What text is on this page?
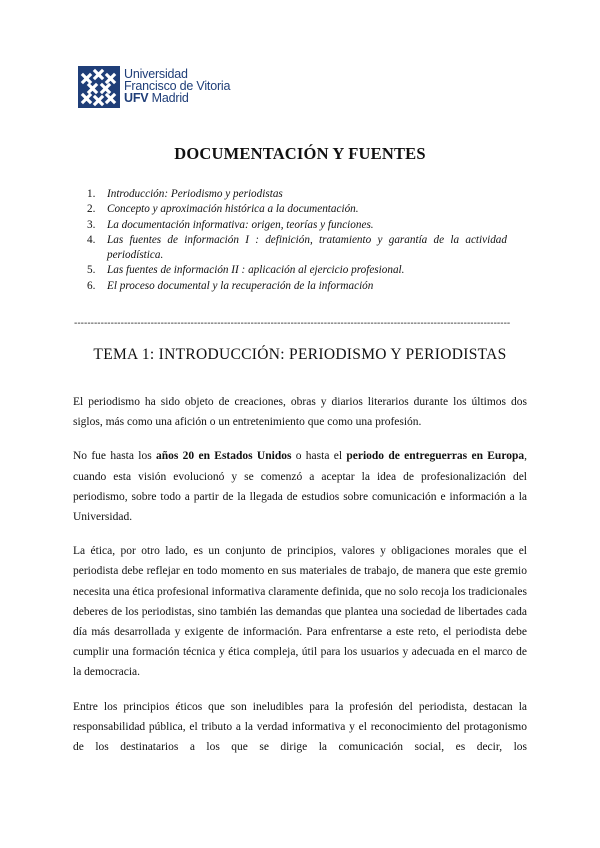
Universidad
Francisco de Vitoria
UFV Madrid
DOCUMENTACIÓN Y FUENTES
1. Introducción: Periodismo y periodistas
2. Concepto y aproximación histórica a la documentación.
3. La documentación informativa: origen, teorías y funciones.
4. Las fuentes de información I : definición, tratamiento y garantía de la actividad periodística.
5. Las fuentes de información II : aplicación al ejercicio profesional.
6. El proceso documental y la recuperación de la información
-----------------------------------------------------------------------------------------------------------------------------------
TEMA 1: INTRODUCCIÓN: PERIODISMO Y PERIODISTAS

El periodismo ha sido objeto de creaciones, obras y diarios literarios durante los últimos dos siglos, más como una afición o un entretenimiento que como una profesión.

No fue hasta los años 20 en Estados Unidos o hasta el periodo de entreguerras en Europa, cuando esta visión evolucionó y se comenzó a aceptar la idea de profesionalización del periodismo, sobre todo a partir de la llegada de estudios sobre comunicación e información a la Universidad.

La ética, por otro lado, es un conjunto de principios, valores y obligaciones morales que el periodista debe reflejar en todo momento en sus materiales de trabajo, de manera que este gremio necesita una ética profesional informativa claramente definida, que no solo recoja los tradicionales deberes de los periodistas, sino también las demandas que plantea una sociedad de libertades cada día más desarrollada y exigente de información. Para enfrentarse a este reto, el periodista debe cumplir una formación técnica y ética compleja, útil para los usuarios y adecuada en el marco de la democracia.

Entre los principios éticos que son ineludibles para la profesión del periodista, destacan la responsabilidad pública, el tributo a la verdad informativa y el reconocimiento del protagonismo de los destinatarios a los que se dirige la comunicación social, es decir, los
